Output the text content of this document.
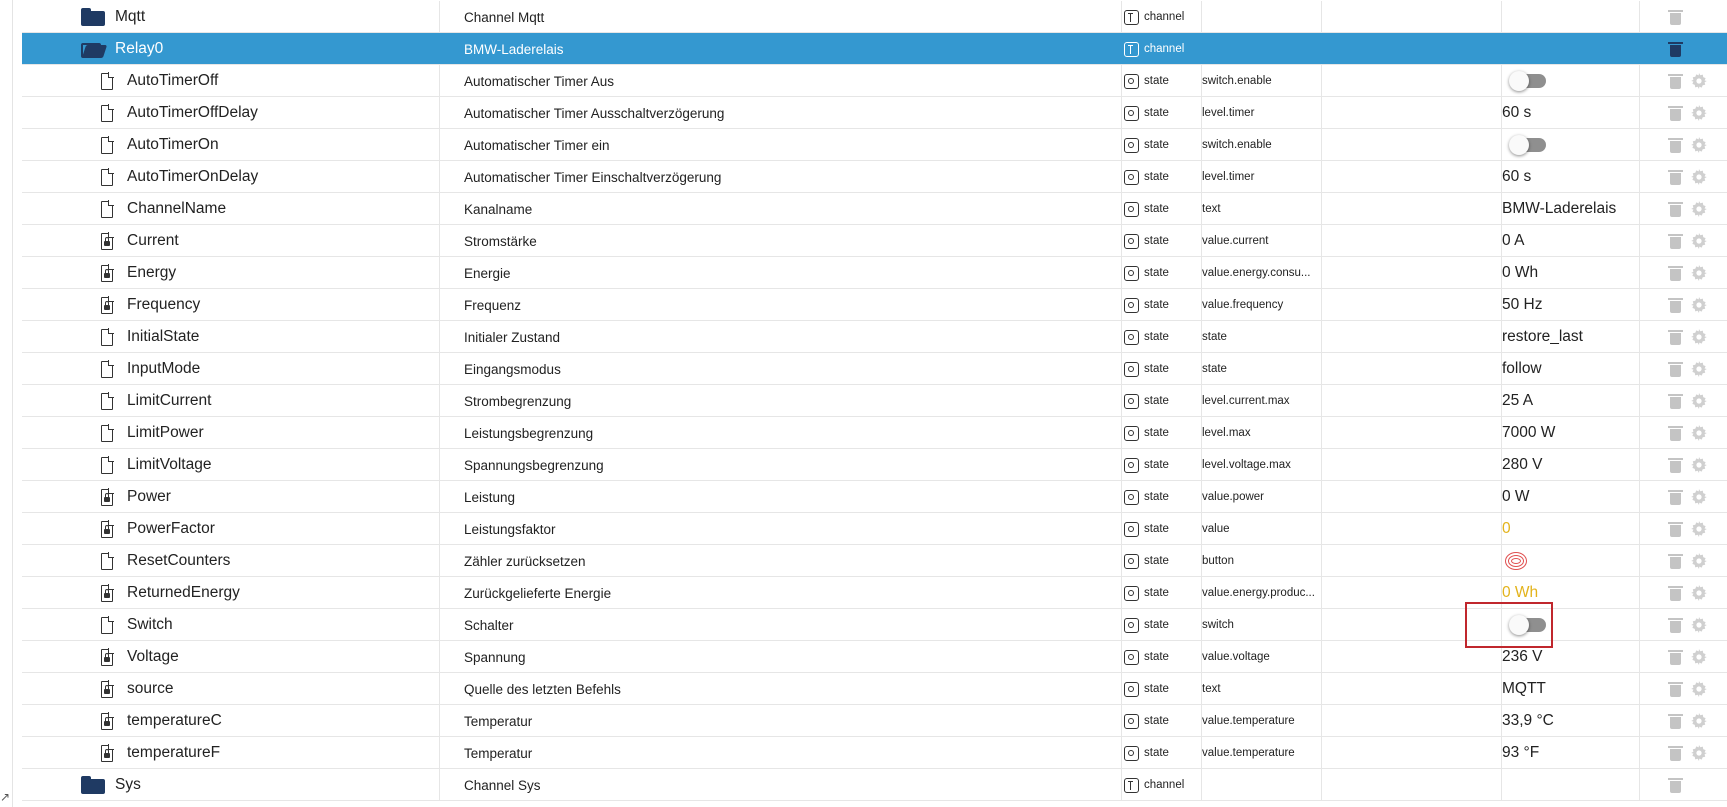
↗
Mqtt	Channel Mqtt	channel
Relay0	BMW-Laderelais	channel
AutoTimerOff	Automatischer Timer Aus	state	switch.enable
AutoTimerOffDelay	Automatischer Timer Ausschaltverzögerung	state	level.timer	60 s
AutoTimerOn	Automatischer Timer ein	state	switch.enable
AutoTimerOnDelay	Automatischer Timer Einschaltverzögerung	state	level.timer	60 s
ChannelName	Kanalname	state	text	BMW-Laderelais
Current	Stromstärke	state	value.current	0 A
Energy	Energie	state	value.energy.consu...	0 Wh
Frequency	Frequenz	state	value.frequency	50 Hz
InitialState	Initialer Zustand	state	state	restore_last
InputMode	Eingangsmodus	state	state	follow
LimitCurrent	Strombegrenzung	state	level.current.max	25 A
LimitPower	Leistungsbegrenzung	state	level.max	7000 W
LimitVoltage	Spannungsbegrenzung	state	level.voltage.max	280 V
Power	Leistung	state	value.power	0 W
PowerFactor	Leistungsfaktor	state	value	0
ResetCounters	Zähler zurücksetzen	state	button
ReturnedEnergy	Zurückgelieferte Energie	state	value.energy.produc...	0 Wh
Switch	Schalter	state	switch
Voltage	Spannung	state	value.voltage	236 V
source	Quelle des letzten Befehls	state	text	MQTT
temperatureC	Temperatur	state	value.temperature	33,9 °C
temperatureF	Temperatur	state	value.temperature	93 °F
Sys	Channel Sys	channel
